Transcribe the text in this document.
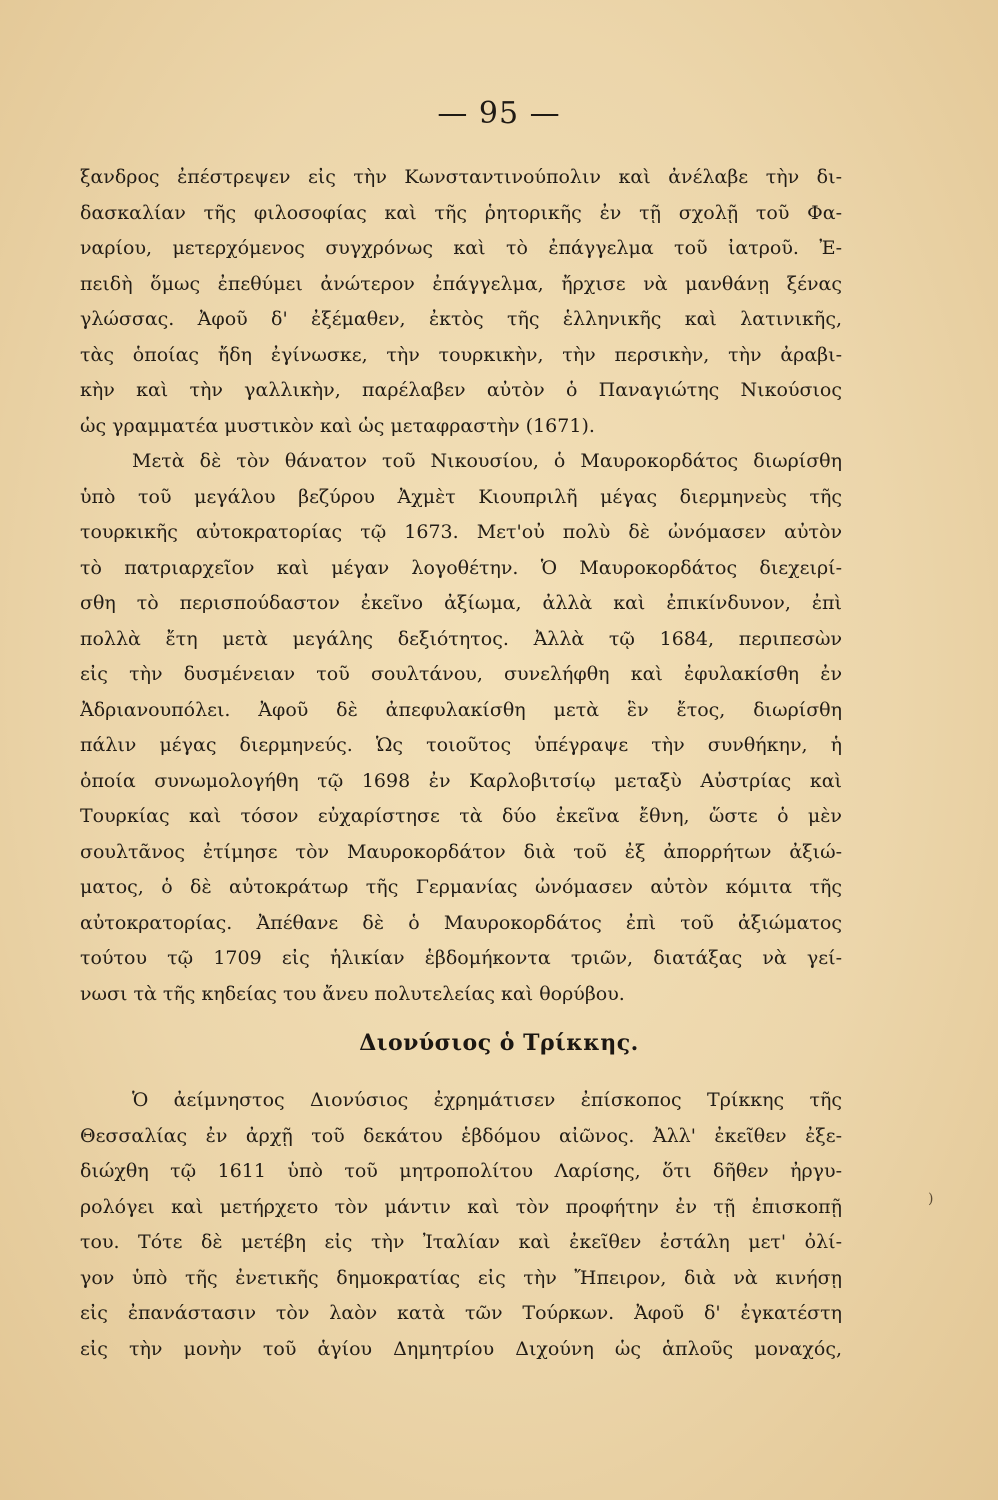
— 95 —
ξανδρος ἐπέστρεψεν εἰς τὴν Κωνσταντινούπολιν καὶ ἀνέλαβε τὴν δι-
δασκαλίαν τῆς φιλοσοφίας καὶ τῆς ῥητορικῆς ἐν τῇ σχολῇ τοῦ Φα-
ναρίου, μετερχόμενος συγχρόνως καὶ τὸ ἐπάγγελμα τοῦ ἰατροῦ. Ἐ-
πειδὴ ὅμως ἐπεθύμει ἀνώτερον ἐπάγγελμα, ἤρχισε νὰ μανθάνῃ ξένας
γλώσσας. Ἀφοῦ δ' ἐξέμαθεν, ἐκτὸς τῆς ἑλληνικῆς καὶ λατινικῆς,
τὰς ὁποίας ἤδη ἐγίνωσκε, τὴν τουρκικὴν, τὴν περσικὴν, τὴν ἀραβι-
κὴν καὶ τὴν γαλλικὴν, παρέλαβεν αὐτὸν ὁ Παναγιώτης Νικούσιος
ὡς γραμματέα μυστικὸν καὶ ὡς μεταφραστὴν (1671).
Μετὰ δὲ τὸν θάνατον τοῦ Νικουσίου, ὁ Μαυροκορδάτος διωρίσθη
ὑπὸ τοῦ μεγάλου βεζύρου Ἀχμὲτ Κιουπριλῆ μέγας διερμηνεὺς τῆς
τουρκικῆς αὐτοκρατορίας τῷ 1673. Μετ'οὐ πολὺ δὲ ὠνόμασεν αὐτὸν
τὸ πατριαρχεῖον καὶ μέγαν λογοθέτην. Ὁ Μαυροκορδάτος διεχειρί-
σθη τὸ περισπούδαστον ἐκεῖνο ἀξίωμα, ἀλλὰ καὶ ἐπικίνδυνον, ἐπὶ
πολλὰ ἔτη μετὰ μεγάλης δεξιότητος. Ἀλλὰ τῷ 1684, περιπεσὼν
εἰς τὴν δυσμένειαν τοῦ σουλτάνου, συνελήφθη καὶ ἐφυλακίσθη ἐν
Ἀδριανουπόλει. Ἀφοῦ δὲ ἀπεφυλακίσθη μετὰ ἓν ἔτος, διωρίσθη
πάλιν μέγας διερμηνεύς. Ὡς τοιοῦτος ὑπέγραψε τὴν συνθήκην, ἡ
ὁποία συνωμολογήθη τῷ 1698 ἐν Καρλοβιτσίῳ μεταξὺ Αὐστρίας καὶ
Τουρκίας καὶ τόσον εὐχαρίστησε τὰ δύο ἐκεῖνα ἔθνη, ὥστε ὁ μὲν
σουλτᾶνος ἐτίμησε τὸν Μαυροκορδάτον διὰ τοῦ ἐξ ἀπορρήτων ἀξιώ-
ματος, ὁ δὲ αὐτοκράτωρ τῆς Γερμανίας ὠνόμασεν αὐτὸν κόμιτα τῆς
αὐτοκρατορίας. Ἀπέθανε δὲ ὁ Μαυροκορδάτος ἐπὶ τοῦ ἀξιώματος
τούτου τῷ 1709 εἰς ἡλικίαν ἑβδομήκοντα τριῶν, διατάξας νὰ γεί-
νωσι τὰ τῆς κηδείας του ἄνευ πολυτελείας καὶ θορύβου.
Διονύσιος ὁ Τρίκκης.
Ὁ ἀείμνηστος Διονύσιος ἐχρημάτισεν ἐπίσκοπος Τρίκκης τῆς
Θεσσαλίας ἐν ἀρχῇ τοῦ δεκάτου ἑβδόμου αἰῶνος. Ἀλλ' ἐκεῖθεν ἐξε-
διώχθη τῷ 1611 ὑπὸ τοῦ μητροπολίτου Λαρίσης, ὅτι δῆθεν ἠργυ-
ρολόγει καὶ μετήρχετο τὸν μάντιν καὶ τὸν προφήτην ἐν τῇ ἐπισκοπῇ
του. Τότε δὲ μετέβη εἰς τὴν Ἰταλίαν καὶ ἐκεῖθεν ἐστάλη μετ' ὀλί-
γον ὑπὸ τῆς ἐνετικῆς δημοκρατίας εἰς τὴν Ἤπειρον, διὰ νὰ κινήσῃ
εἰς ἐπανάστασιν τὸν λαὸν κατὰ τῶν Τούρκων. Ἀφοῦ δ' ἐγκατέστη
εἰς τὴν μονὴν τοῦ ἁγίου Δημητρίου Διχούνη ὡς ἁπλοῦς μοναχός,
)
